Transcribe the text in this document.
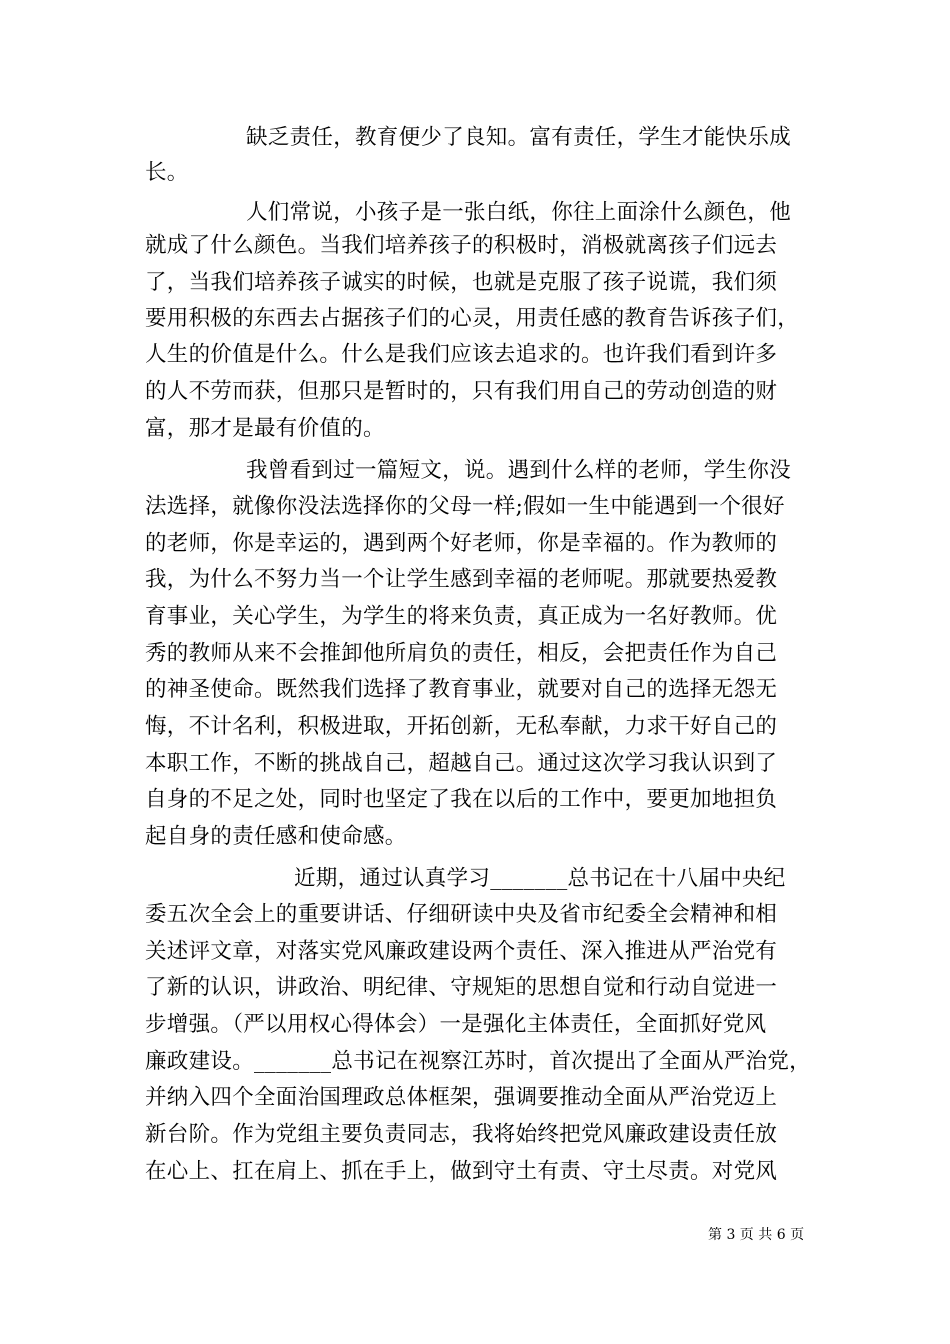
缺乏责任，教育便少了良知。富有责任，学生才能快乐成
长。
人们常说，小孩子是一张白纸，你往上面涂什么颜色，他
就成了什么颜色。当我们培养孩子的积极时，消极就离孩子们远去
了，当我们培养孩子诚实的时候，也就是克服了孩子说谎，我们须
要用积极的东西去占据孩子们的心灵，用责任感的教育告诉孩子们，
人生的价值是什么。什么是我们应该去追求的。也许我们看到许多
的人不劳而获，但那只是暂时的，只有我们用自己的劳动创造的财
富，那才是最有价值的。
我曾看到过一篇短文，说。遇到什么样的老师，学生你没
法选择，就像你没法选择你的父母一样;假如一生中能遇到一个很好
的老师，你是幸运的，遇到两个好老师，你是幸福的。作为教师的
我，为什么不努力当一个让学生感到幸福的老师呢。那就要热爱教
育事业，关心学生，为学生的将来负责，真正成为一名好教师。优
秀的教师从来不会推卸他所肩负的责任，相反，会把责任作为自己
的神圣使命。既然我们选择了教育事业，就要对自己的选择无怨无
悔，不计名利，积极进取，开拓创新，无私奉献，力求干好自己的
本职工作，不断的挑战自己，超越自己。通过这次学习我认识到了
自身的不足之处，同时也坚定了我在以后的工作中，要更加地担负
起自身的责任感和使命感。
近期，通过认真学习_______总书记在十八届中央纪
委五次全会上的重要讲话、仔细研读中央及省市纪委全会精神和相
关述评文章，对落实党风廉政建设两个责任、深入推进从严治党有
了新的认识，讲政治、明纪律、守规矩的思想自觉和行动自觉进一
步增强。（严以用权心得体会）一是强化主体责任，全面抓好党风
廉政建设。_______总书记在视察江苏时，首次提出了全面从严治党，
并纳入四个全面治国理政总体框架，强调要推动全面从严治党迈上
新台阶。作为党组主要负责同志，我将始终把党风廉政建设责任放
在心上、扛在肩上、抓在手上，做到守土有责、守土尽责。对党风
第 3 页 共 6 页
